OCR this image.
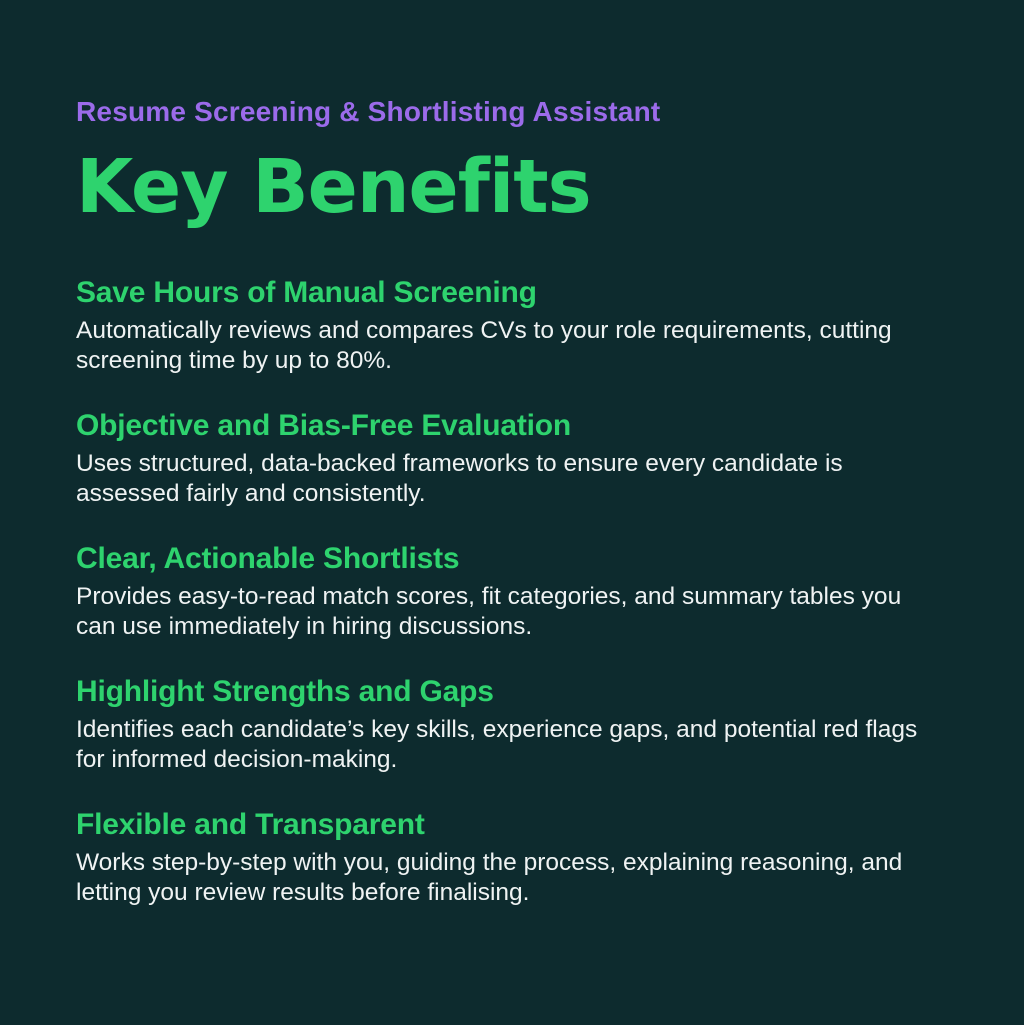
Resume Screening & Shortlisting Assistant
Key Benefits
Save Hours of Manual Screening

Automatically reviews and compares CVs to your role requirements, cutting screening time by up to 80%.

Objective and Bias-Free Evaluation

Uses structured, data-backed frameworks to ensure every candidate is assessed fairly and consistently.

Clear, Actionable Shortlists

Provides easy-to-read match scores, fit categories, and summary tables you can use immediately in hiring discussions.

Highlight Strengths and Gaps

Identifies each candidate’s key skills, experience gaps, and potential red flags for informed decision-making.

Flexible and Transparent

Works step-by-step with you, guiding the process, explaining reasoning, and letting you review results before finalising.
